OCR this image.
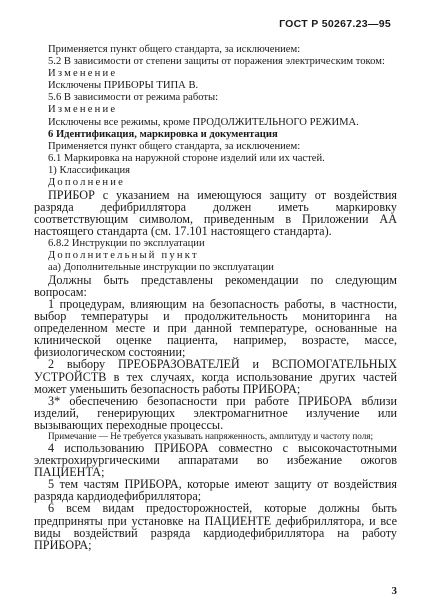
ГОСТ Р 50267.23—95

Применяется пункт общего стандарта, за исключением:

5.2 В зависимости от степени защиты от поражения электрическим током:

Изменение

Исключены ПРИБОРЫ ТИПА В.

5.6 В зависимости от режима работы:

Изменение

Исключены все режимы, кроме ПРОДОЛЖИТЕЛЬНОГО РЕЖИМА.

6 Идентификация, маркировка и документация

Применяется пункт общего стандарта, за исключением:

6.1 Маркировка на наружной стороне изделий или их частей.

1) Классификация

Дополнение

ПРИБОР с указанием на имеющуюся защиту от воздействия разряда дефибриллятора должен иметь маркировку соответствующим символом, приведенным в Приложении АА настоящего стандарта (см. 17.101 настоящего стандарта).

6.8.2 Инструкции по эксплуатации

Дополнительный пункт

аа) Дополнительные инструкции по эксплуатации

Должны быть представлены рекомендации по следующим вопросам:

1 процедурам, влияющим на безопасность работы, в частности, выбор температуры и продолжительность мониторинга на определенном месте и при данной температуре, основанные на клинической оценке пациента, например, возрасте, массе, физиологическом состоянии;

2 выбору ПРЕОБРАЗОВАТЕЛЕЙ и ВСПОМОГАТЕЛЬНЫХ УСТРОЙСТВ в тех случаях, когда использование других частей может уменьшить безопасность работы ПРИБОРА;

3* обеспечению безопасности при работе ПРИБОРА вблизи изделий, генерирующих электромагнитное излучение или вызывающих переходные процессы.

Примечание — Не требуется указывать напряженность, амплитуду и частоту поля;

4 использованию ПРИБОРА совместно с высокочастотными электрохирургическими аппаратами во избежание ожогов ПАЦИЕНТА;

5 тем частям ПРИБОРА, которые имеют защиту от воздействия разряда кардиодефибриллятора;

6 всем видам предосторожностей, которые должны быть предприняты при установке на ПАЦИЕНТЕ дефибриллятора, и все виды воздействий разряда кардиодефибриллятора на работу ПРИБОРА;

3
